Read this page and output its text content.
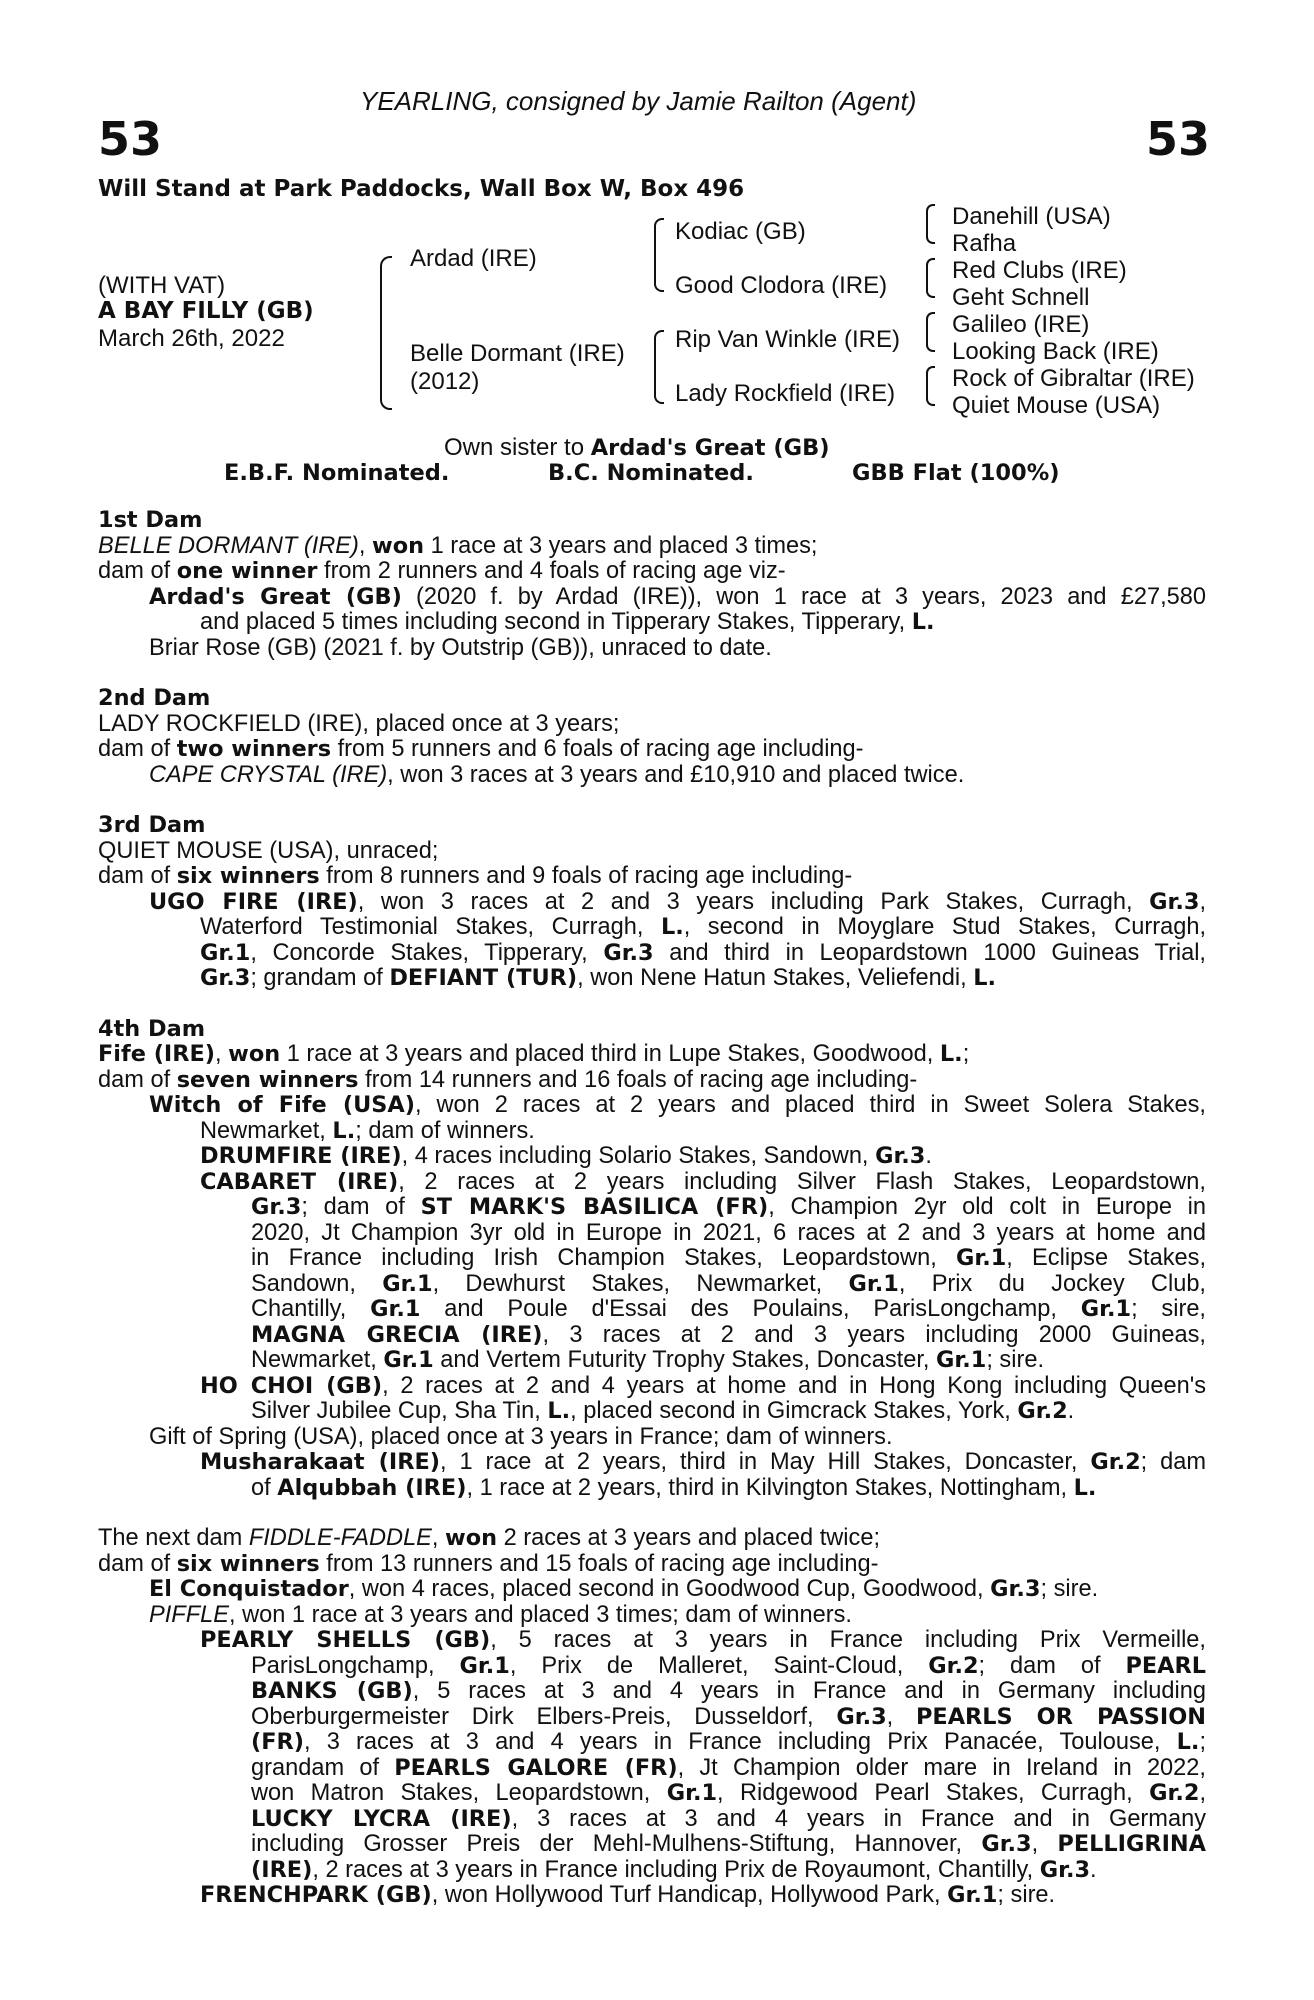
YEARLING, consigned by Jamie Railton (Agent)
53	53
Will Stand at Park Paddocks, Wall Box W, Box 496
(WITH VAT)
A BAY FILLY (GB)
March 26th, 2022
Ardad (IRE)
Belle Dormant (IRE)
(2012)
Kodiac (GB)
Good Clodora (IRE)
Rip Van Winkle (IRE)
Lady Rockfield (IRE)
Danehill (USA)
Rafha
Red Clubs (IRE)
Geht Schnell
Galileo (IRE)
Looking Back (IRE)
Rock of Gibraltar (IRE)
Quiet Mouse (USA)
Own sister to Ardad's Great (GB)
E.B.F. Nominated.	B.C. Nominated.	GBB Flat (100%)
1st Dam
BELLE DORMANT (IRE), won 1 race at 3 years and placed 3 times;
dam of one winner from 2 runners and 4 foals of racing age viz-
Ardad's Great (GB) (2020 f. by Ardad (IRE)), won 1 race at 3 years, 2023 and £27,580
and placed 5 times including second in Tipperary Stakes, Tipperary, L.
Briar Rose (GB) (2021 f. by Outstrip (GB)), unraced to date.
2nd Dam
LADY ROCKFIELD (IRE), placed once at 3 years;
dam of two winners from 5 runners and 6 foals of racing age including-
CAPE CRYSTAL (IRE), won 3 races at 3 years and £10,910 and placed twice.
3rd Dam
QUIET MOUSE (USA), unraced;
dam of six winners from 8 runners and 9 foals of racing age including-
UGO FIRE (IRE), won 3 races at 2 and 3 years including Park Stakes, Curragh, Gr.3,
Waterford Testimonial Stakes, Curragh, L., second in Moyglare Stud Stakes, Curragh,
Gr.1, Concorde Stakes, Tipperary, Gr.3 and third in Leopardstown 1000 Guineas Trial,
Gr.3; grandam of DEFIANT (TUR), won Nene Hatun Stakes, Veliefendi, L.
4th Dam
Fife (IRE), won 1 race at 3 years and placed third in Lupe Stakes, Goodwood, L.;
dam of seven winners from 14 runners and 16 foals of racing age including-
Witch of Fife (USA), won 2 races at 2 years and placed third in Sweet Solera Stakes,
Newmarket, L.; dam of winners.
DRUMFIRE (IRE), 4 races including Solario Stakes, Sandown, Gr.3.
CABARET (IRE), 2 races at 2 years including Silver Flash Stakes, Leopardstown,
Gr.3; dam of ST MARK'S BASILICA (FR), Champion 2yr old colt in Europe in
2020, Jt Champion 3yr old in Europe in 2021, 6 races at 2 and 3 years at home and
in France including Irish Champion Stakes, Leopardstown, Gr.1, Eclipse Stakes,
Sandown, Gr.1, Dewhurst Stakes, Newmarket, Gr.1, Prix du Jockey Club,
Chantilly, Gr.1 and Poule d'Essai des Poulains, ParisLongchamp, Gr.1; sire,
MAGNA GRECIA (IRE), 3 races at 2 and 3 years including 2000 Guineas,
Newmarket, Gr.1 and Vertem Futurity Trophy Stakes, Doncaster, Gr.1; sire.
HO CHOI (GB), 2 races at 2 and 4 years at home and in Hong Kong including Queen's
Silver Jubilee Cup, Sha Tin, L., placed second in Gimcrack Stakes, York, Gr.2.
Gift of Spring (USA), placed once at 3 years in France; dam of winners.
Musharakaat (IRE), 1 race at 2 years, third in May Hill Stakes, Doncaster, Gr.2; dam
of Alqubbah (IRE), 1 race at 2 years, third in Kilvington Stakes, Nottingham, L.
The next dam FIDDLE-FADDLE, won 2 races at 3 years and placed twice;
dam of six winners from 13 runners and 15 foals of racing age including-
El Conquistador, won 4 races, placed second in Goodwood Cup, Goodwood, Gr.3; sire.
PIFFLE, won 1 race at 3 years and placed 3 times; dam of winners.
PEARLY SHELLS (GB), 5 races at 3 years in France including Prix Vermeille,
ParisLongchamp, Gr.1, Prix de Malleret, Saint-Cloud, Gr.2; dam of PEARL
BANKS (GB), 5 races at 3 and 4 years in France and in Germany including
Oberburgermeister Dirk Elbers-Preis, Dusseldorf, Gr.3, PEARLS OR PASSION
(FR), 3 races at 3 and 4 years in France including Prix Panacée, Toulouse, L.;
grandam of PEARLS GALORE (FR), Jt Champion older mare in Ireland in 2022,
won Matron Stakes, Leopardstown, Gr.1, Ridgewood Pearl Stakes, Curragh, Gr.2,
LUCKY LYCRA (IRE), 3 races at 3 and 4 years in France and in Germany
including Grosser Preis der Mehl-Mulhens-Stiftung, Hannover, Gr.3, PELLIGRINA
(IRE), 2 races at 3 years in France including Prix de Royaumont, Chantilly, Gr.3.
FRENCHPARK (GB), won Hollywood Turf Handicap, Hollywood Park, Gr.1; sire.
